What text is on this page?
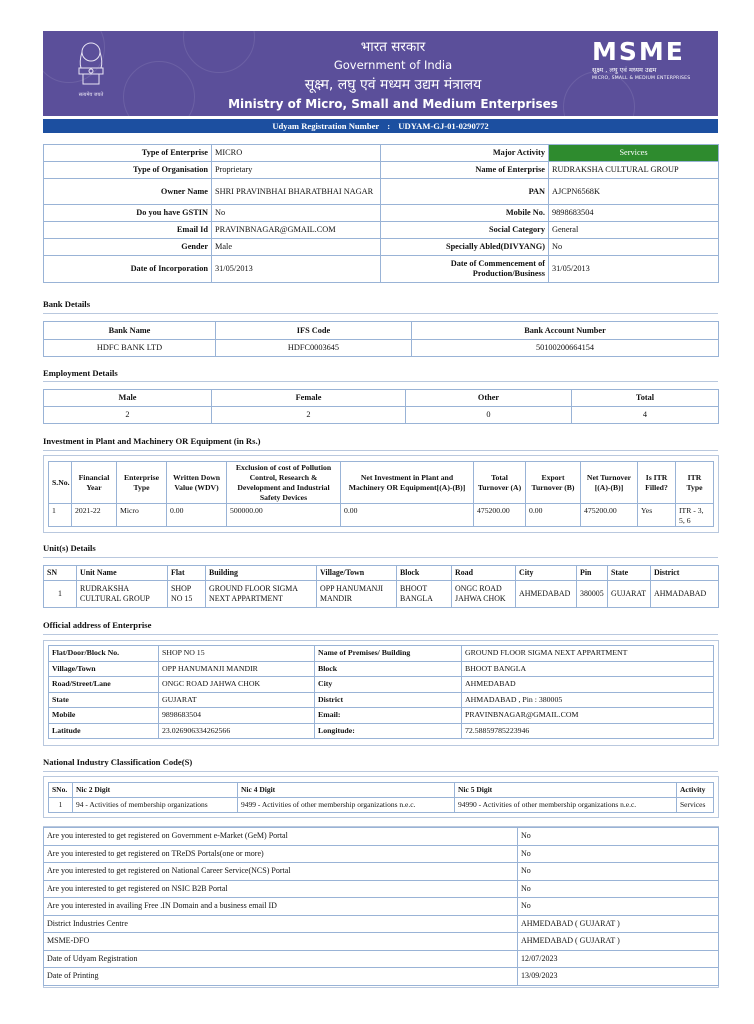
सत्यमेव जयते
भारत सरकार
Government of India
सूक्ष्म, लघु एवं मध्यम उद्यम मंत्रालय
Ministry of Micro, Small and Medium Enterprises
MSME
सूक्ष्म , लघु एवं मध्यम उद्यम
MICRO, SMALL & MEDIUM ENTERPRISES
Udyam Registration Number : UDYAM-GJ-01-0290772
Type of Enterprise	MICRO	Major Activity	Services
Type of Organisation	Proprietary	Name of Enterprise	RUDRAKSHA CULTURAL GROUP
Owner Name	SHRI PRAVINBHAI BHARATBHAI NAGAR	PAN	AJCPN6568K
Do you have GSTIN	No	Mobile No.	9898683504
Email Id	PRAVINBNAGAR@GMAIL.COM	Social Category	General
Gender	Male	Specially Abled(DIVYANG)	No
Date of Incorporation	31/05/2013	Date of Commencement of Production/Business	31/05/2013
Bank Details
Bank Name	IFS Code	Bank Account Number
HDFC BANK LTD	HDFC0003645	50100200664154
Employment Details
Male	Female	Other	Total
2	2	0	4
Investment in Plant and Machinery OR Equipment (in Rs.)
S.No.	Financial Year	Enterprise Type	Written Down Value (WDV)	Exclusion of cost of Pollution Control, Research & Development and Industrial Safety Devices	Net Investment in Plant and Machinery OR Equipment[(A)-(B)]	Total Turnover (A)	Export Turnover (B)	Net Turnover [(A)-(B)]	Is ITR Filled?	ITR Type
1	2021-22	Micro	0.00	500000.00	0.00	475200.00	0.00	475200.00	Yes	ITR - 3, 5, 6
Unit(s) Details
SN	Unit Name	Flat	Building	Village/Town	Block	Road	City	Pin	State	District
1	RUDRAKSHA CULTURAL GROUP	SHOP NO 15	GROUND FLOOR SIGMA NEXT APPARTMENT	OPP HANUMANJI MANDIR	BHOOT BANGLA	ONGC ROAD JAHWA CHOK	AHMEDABAD	380005	GUJARAT	AHMADABAD
Official address of Enterprise
Flat/Door/Block No.	SHOP NO 15	Name of Premises/ Building	GROUND FLOOR SIGMA NEXT APPARTMENT
Village/Town	OPP HANUMANJI MANDIR	Block	BHOOT BANGLA
Road/Street/Lane	ONGC ROAD JAHWA CHOK	City	AHMEDABAD
State	GUJARAT	District	AHMADABAD , Pin : 380005
Mobile	9898683504	Email:	PRAVINBNAGAR@GMAIL.COM
Latitude	23.026906334262566	Longitude:	72.58859785223946
National Industry Classification Code(S)
SNo.	Nic 2 Digit	Nic 4 Digit	Nic 5 Digit	Activity
1	94 - Activities of membership organizations	9499 - Activities of other membership organizations n.e.c.	94990 - Activities of other membership organizations n.e.c.	Services
Are you interested to get registered on Government e-Market (GeM) Portal	No
Are you interested to get registered on TReDS Portals(one or more)	No
Are you interested to get registered on National Career Service(NCS) Portal	No
Are you interested to get registered on NSIC B2B Portal	No
Are you interested in availing Free .IN Domain and a business email ID	No
District Industries Centre	AHMEDABAD ( GUJARAT )
MSME-DFO	AHMEDABAD ( GUJARAT )
Date of Udyam Registration	12/07/2023
Date of Printing	13/09/2023
